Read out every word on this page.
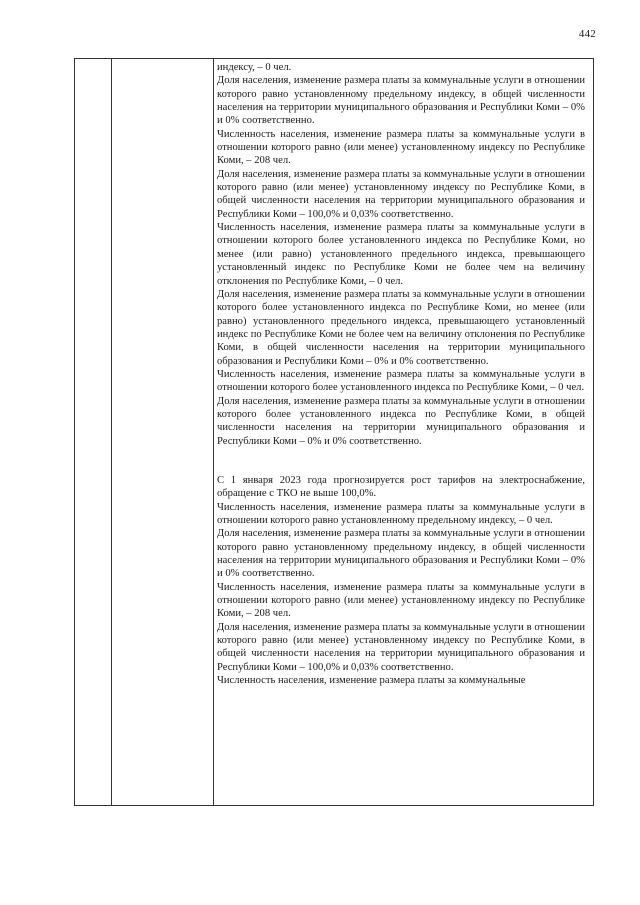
442

индексу, – 0 чел.

Доля населения, изменение размера платы за коммунальные услуги в отношении которого равно установленному предельному индексу, в общей численности населения на территории муниципального образования и Республики Коми – 0% и 0% соответственно.

Численность населения, изменение размера платы за коммунальные услуги в отношении которого равно (или менее) установленному индексу по Республике Коми, – 208 чел.

Доля населения, изменение размера платы за коммунальные услуги в отношении которого равно (или менее) установленному индексу по Республике Коми, в общей численности населения на территории муниципального образования и Республики Коми – 100,0% и 0,03% соответственно.

Численность населения, изменение размера платы за коммунальные услуги в отношении которого более установленного индекса по Республике Коми, но менее (или равно) установленного предельного индекса, превышающего установленный индекс по Республике Коми не более чем на величину отклонения по Республике Коми, – 0 чел.

Доля населения, изменение размера платы за коммунальные услуги в отношении которого более установленного индекса по Республике Коми, но менее (или равно) установленного предельного индекса, превышающего установленный индекс по Республике Коми не более чем на величину отклонения по Республике Коми, в общей численности населения на территории муниципального образования и Республики Коми – 0% и 0% соответственно.

Численность населения, изменение размера платы за коммунальные услуги в отношении которого более установленного индекса по Республике Коми, – 0 чел.

Доля населения, изменение размера платы за коммунальные услуги в отношении которого более установленного индекса по Республике Коми, в общей численности населения на территории муниципального образования и Республики Коми – 0% и 0% соответственно.

С 1 января 2023 года прогнозируется рост тарифов на электроснабжение, обращение с ТКО не выше 100,0%.

Численность населения, изменение размера платы за коммунальные услуги в отношении которого равно установленному предельному индексу, – 0 чел.

Доля населения, изменение размера платы за коммунальные услуги в отношении которого равно установленному предельному индексу, в общей численности населения на территории муниципального образования и Республики Коми – 0% и 0% соответственно.

Численность населения, изменение размера платы за коммунальные услуги в отношении которого равно (или менее) установленному индексу по Республике Коми, – 208 чел.

Доля населения, изменение размера платы за коммунальные услуги в отношении которого равно (или менее) установленному индексу по Республике Коми, в общей численности населения на территории муниципального образования и Республики Коми – 100,0% и 0,03% соответственно.

Численность населения, изменение размера платы за коммунальные
